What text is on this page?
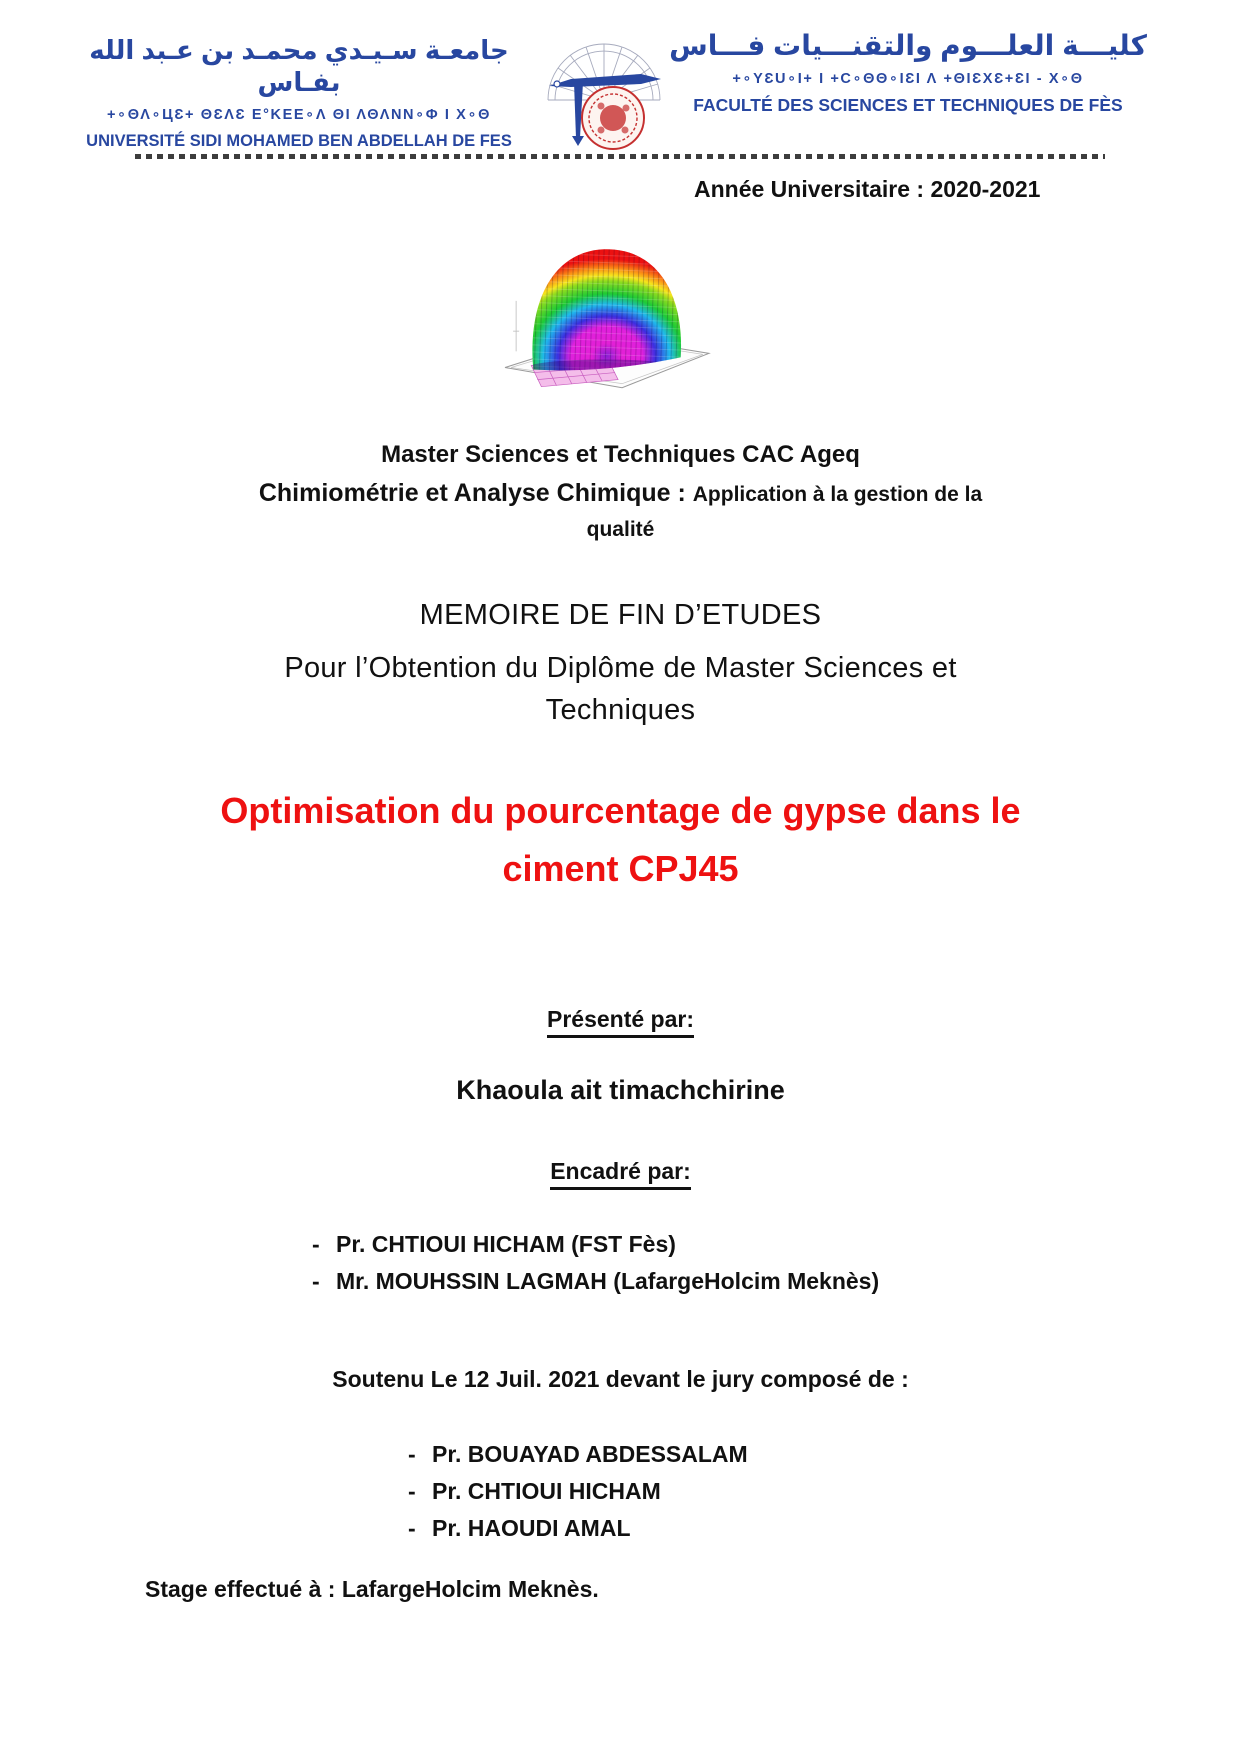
جامعـة سـيـدي محمـد بن عـبد الله بفـاس
+∘ΘΛ∘ЦƐ+ ΘƐΛƐ Ε°ΚΕΕ∘Λ ΘΙ ΛΘΛΝΝ∘Φ Ι Χ∘Θ
UNIVERSITÉ SIDI MOHAMED BEN ABDELLAH DE FES
كليـــة العلـــوم والتقنـــيات فـــاس
+∘ΥƐU∘Ι+ Ι +C∘ΘΘ∘ΙƐΙ Λ +ΘΙƐΧƐ+ƐΙ - Χ∘Θ
FACULTÉ DES SCIENCES ET TECHNIQUES DE FÈS
Année Universitaire : 2020-2021
Master Sciences et Techniques CAC Ageq
Chimiométrie et Analyse Chimique : Application à la gestion de la
qualité
MEMOIRE DE FIN D’ETUDES
Pour l’Obtention du Diplôme de Master Sciences et
Techniques
Optimisation du pourcentage de gypse dans le
ciment CPJ45
Présenté par:
Khaoula ait timachchirine
Encadré par:
- Pr. CHTIOUI HICHAM (FST Fès)
- Mr. MOUHSSIN LAGMAH (LafargeHolcim Meknès)
Soutenu Le 12 Juil. 2021 devant le jury composé de :
- Pr. BOUAYAD ABDESSALAM
- Pr. CHTIOUI HICHAM
- Pr. HAOUDI AMAL
Stage effectué à : LafargeHolcim Meknès.
